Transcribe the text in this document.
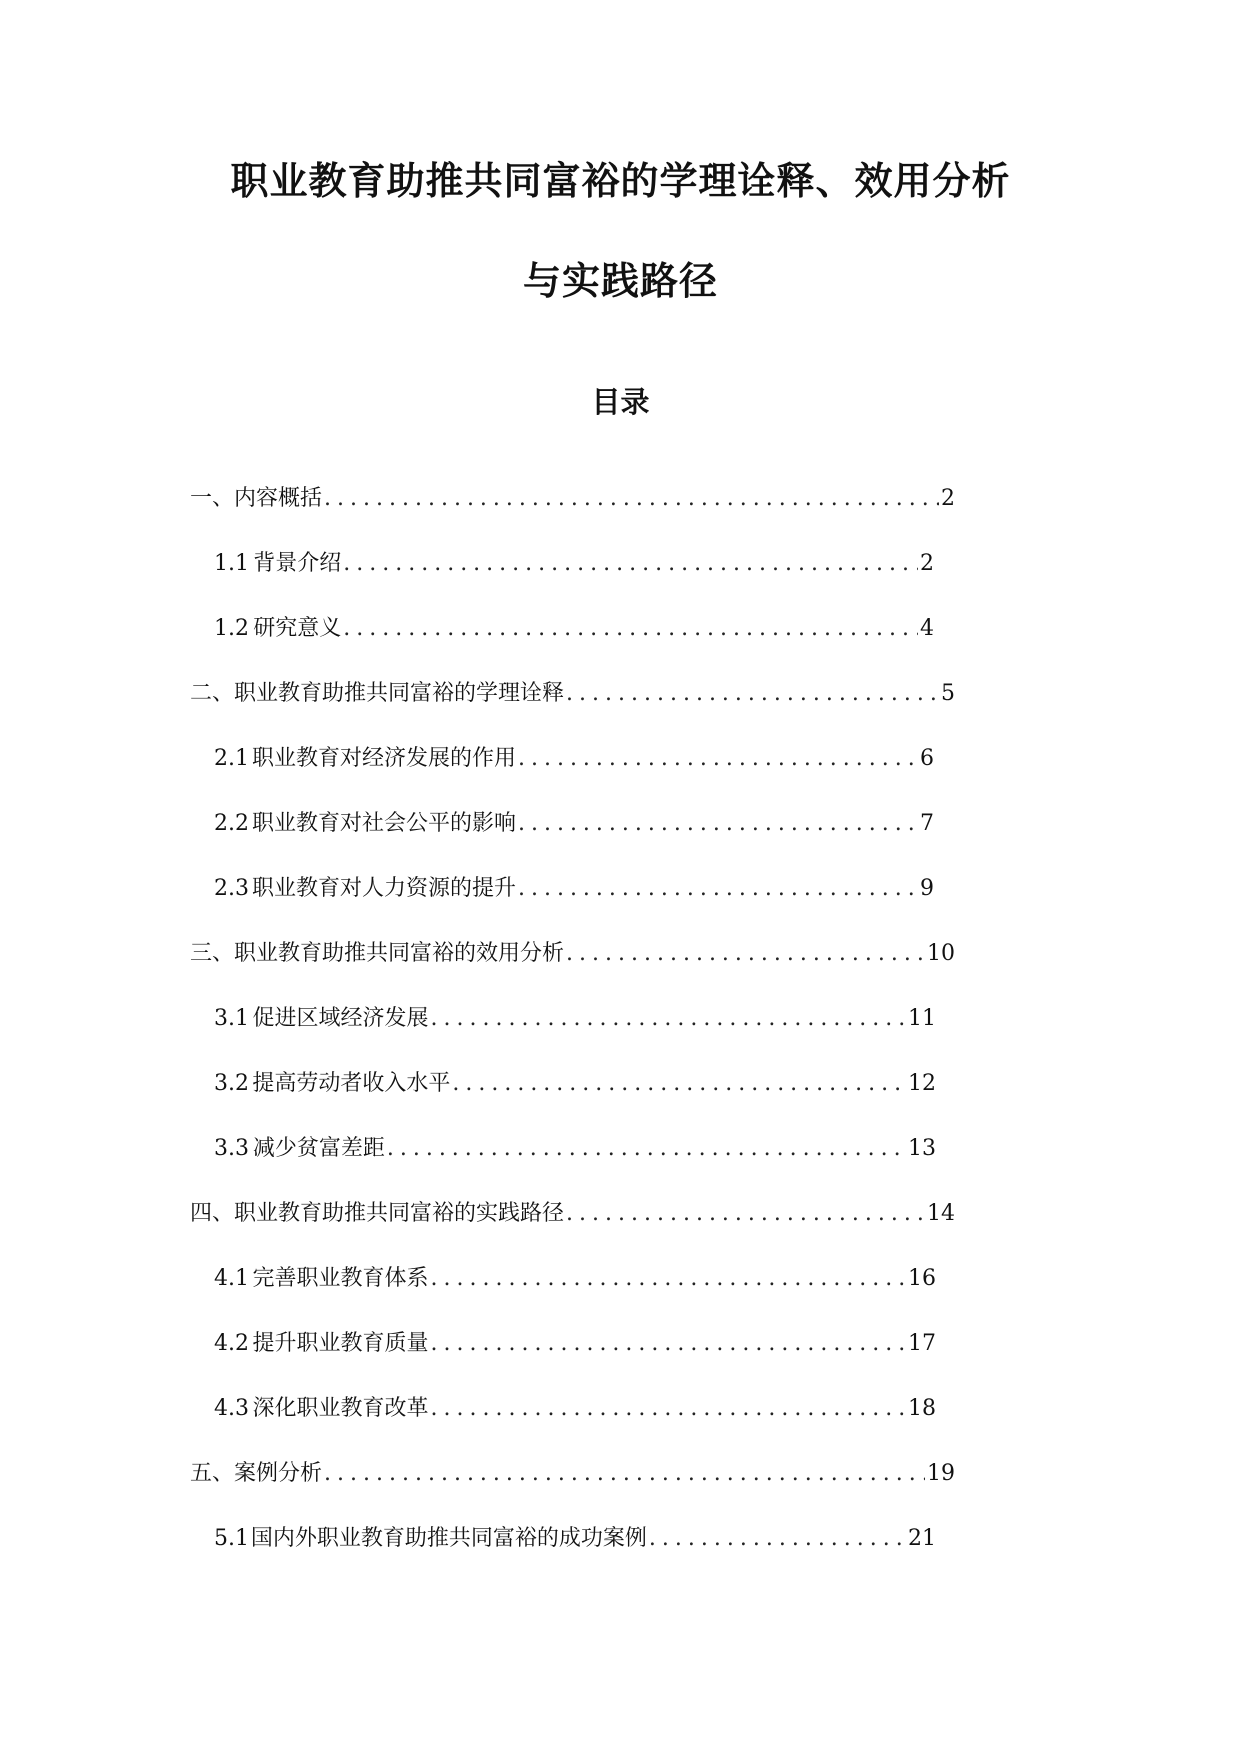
职业教育助推共同富裕的学理诠释、效用分析
与实践路径
目录
一、内容概括 .....	2
1.1 背景介绍 .....	2
1.2 研究意义 .....	4
二、职业教育助推共同富裕的学理诠释 .....	5
2.1 职业教育对经济发展的作用 .....	6
2.2 职业教育对社会公平的影响 .....	7
2.3 职业教育对人力资源的提升 .....	9
三、职业教育助推共同富裕的效用分析 .....	10
3.1 促进区域经济发展 .....	11
3.2 提高劳动者收入水平 .....	12
3.3 减少贫富差距 .....	13
四、职业教育助推共同富裕的实践路径 .....	14
4.1 完善职业教育体系 .....	16
4.2 提升职业教育质量 .....	17
4.3 深化职业教育改革 .....	18
五、案例分析 .....	19
5.1 国内外职业教育助推共同富裕的成功案例 .....	21
